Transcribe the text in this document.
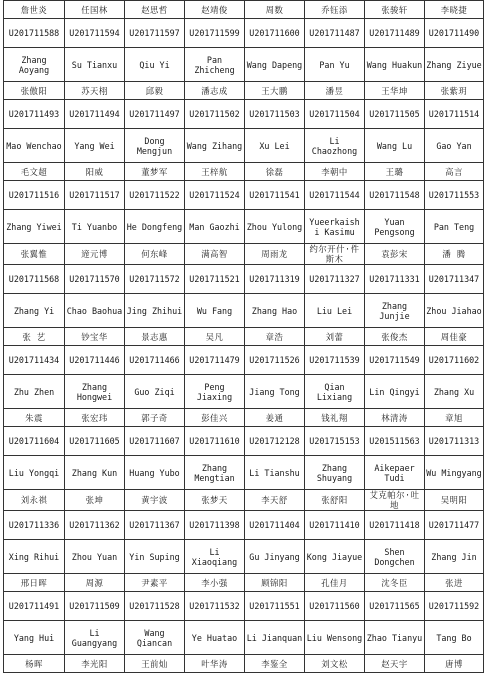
詹世炎	任国林	赵思哲	赵靖俊	周数	乔钰添	张骏轩	李晓捷
U201711588	U201711594	U201711597	U201711599	U201711600	U201711487	U201711489	U201711490
Zhang Aoyang	Su Tianxu	Qiu Yi	Pan Zhicheng	Wang Dapeng	Pan Yu	Wang Huakun	Zhang Ziyue
张傲阳	苏天栩	邱毅	潘志成	王大鹏	潘昱	王华坤	张紫玥
U201711493	U201711494	U201711497	U201711502	U201711503	U201711504	U201711505	U201711514
Mao Wenchao	Yang Wei	Dong Mengjun	Wang Zihang	Xu Lei	Li Chaozhong	Wang Lu	Gao Yan
毛文超	阳威	董梦军	王梓航	徐磊	李朝中	王璐	高言
U201711516	U201711517	U201711522	U201711524	U201711541	U201711544	U201711548	U201711553
Zhang Yiwei	Ti Yuanbo	He Dongfeng	Man Gaozhi	Zhou Yulong	Yueerkaish i Kasimu	Yuan Pengsong	Pan Teng
张翼惟	遆元博	何东峰	满高智	周雨龙	约尔开什·件斯木	袁彭宋	潘 腾
U201711568	U201711570	U201711572	U201711521	U201711319	U201711327	U201711331	U201711347
Zhang Yi	Chao Baohua	Jing Zhihui	Wu Fang	Zhang Hao	Liu Lei	Zhang Junjie	Zhou Jiahao
张 艺	钞宝华	景志惠	吴凡	章浩	刘蕾	张俊杰	周佳豪
U201711434	U201711446	U201711466	U201711479	U201711526	U201711539	U201711549	U201711602
Zhu Zhen	Zhang Hongwei	Guo Ziqi	Peng Jiaxing	Jiang Tong	Qian Lixiang	Lin Qingyi	Zhang Xu
朱震	张宏玮	郭子奇	彭佳兴	姜通	钱礼翔	林清涛	章旭
U201711604	U201711605	U201711607	U201711610	U201712128	U201715153	U201511563	U201711313
Liu Yongqi	Zhang Kun	Huang Yubo	Zhang Mengtian	Li Tianshu	Zhang Shuyang	Aikepaer Tudi	Wu Mingyang
刘永祺	张坤	黄宇波	张梦天	李天舒	张舒阳	艾克帕尔·吐地	吴明阳
U201711336	U201711362	U201711367	U201711398	U201711404	U201711410	U201711418	U201711477
Xing Rihui	Zhou Yuan	Yin Suping	Li Xiaoqiang	Gu Jinyang	Kong Jiayue	Shen Dongchen	Zhang Jin
邢日晖	周源	尹素平	李小强	顾锦阳	孔佳月	沈冬臣	张进
U201711491	U201711509	U201711528	U201711532	U201711551	U201711560	U201711565	U201711592
Yang Hui	Li Guangyang	Wang Qiancan	Ye Huatao	Li Jianquan	Liu Wensong	Zhao Tianyu	Tang Bo
杨晖	李光阳	王前灿	叶华涛	李鉴全	刘文松	赵天宇	唐博
